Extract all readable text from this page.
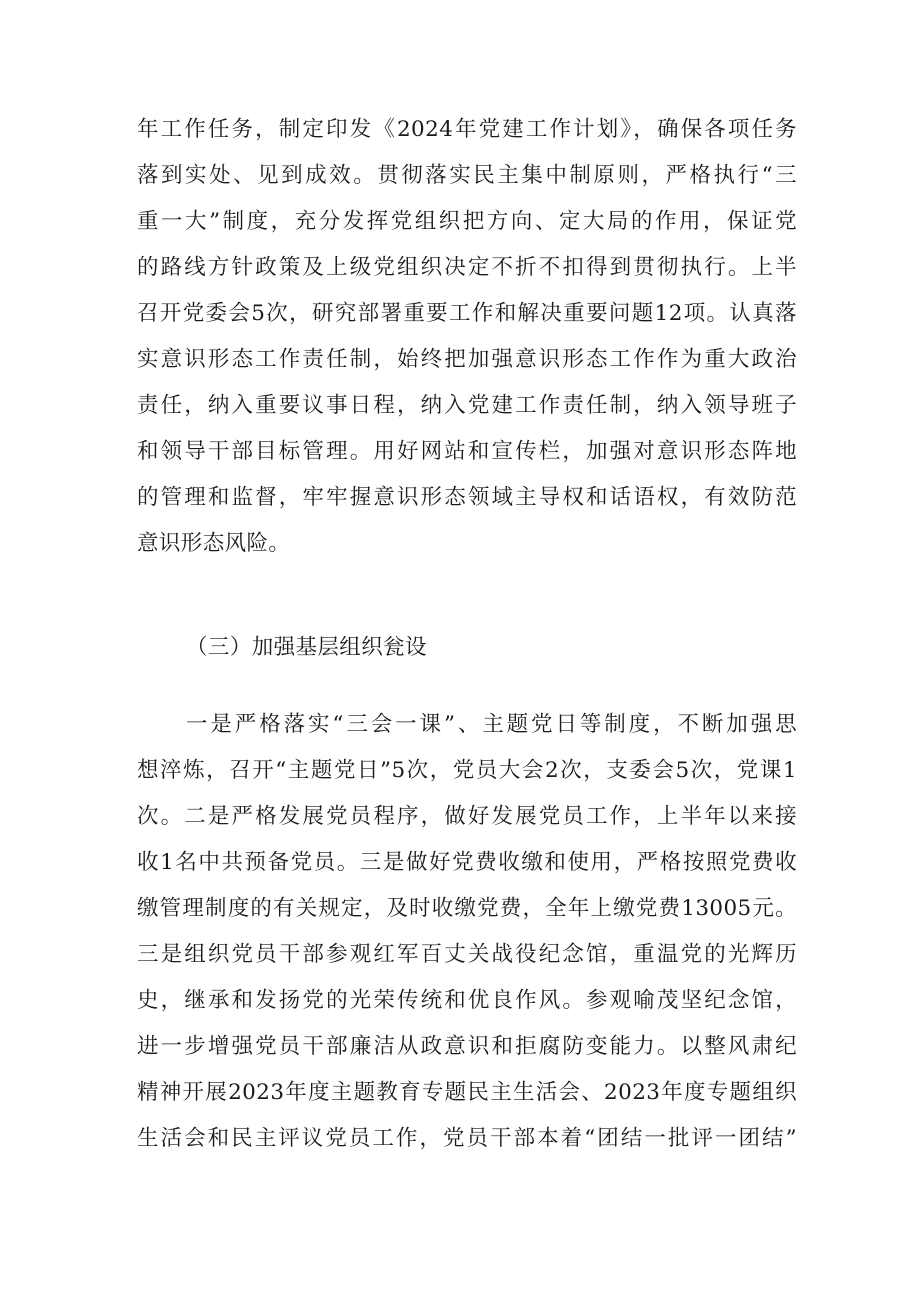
年工作任务，制定印发《2024年党建工作计划》，确保各项任务
落到实处、见到成效。贯彻落实民主集中制原则，严格执行“三
重一大”制度，充分发挥党组织把方向、定大局的作用，保证党
的路线方针政策及上级党组织决定不折不扣得到贯彻执行。上半
召开党委会5次，研究部署重要工作和解决重要问题12项。认真落
实意识形态工作责任制，始终把加强意识形态工作作为重大政治
责任，纳入重要议事日程，纳入党建工作责任制，纳入领导班子
和领导干部目标管理。用好网站和宣传栏，加强对意识形态阵地
的管理和监督，牢牢握意识形态领域主导权和话语权，有效防范
意识形态风险。
（三）加强基层组织瓮设
一是严格落实“三会一课”、主题党日等制度，不断加强思
想淬炼，召开“主题党日”5次，党员大会2次，支委会5次，党课1
次。二是严格发展党员程序，做好发展党员工作，上半年以来接
收1名中共预备党员。三是做好党费收缴和使用，严格按照党费收
缴管理制度的有关规定，及时收缴党费，全年上缴党费13005元。
三是组织党员干部参观红军百丈关战役纪念馆，重温党的光辉历
史，继承和发扬党的光荣传统和优良作风。参观喻茂坚纪念馆，
进一步增强党员干部廉洁从政意识和拒腐防变能力。以整风肃纪
精神开展2023年度主题教育专题民主生活会、2023年度专题组织
生活会和民主评议党员工作，党员干部本着“团结一批评一团结”
